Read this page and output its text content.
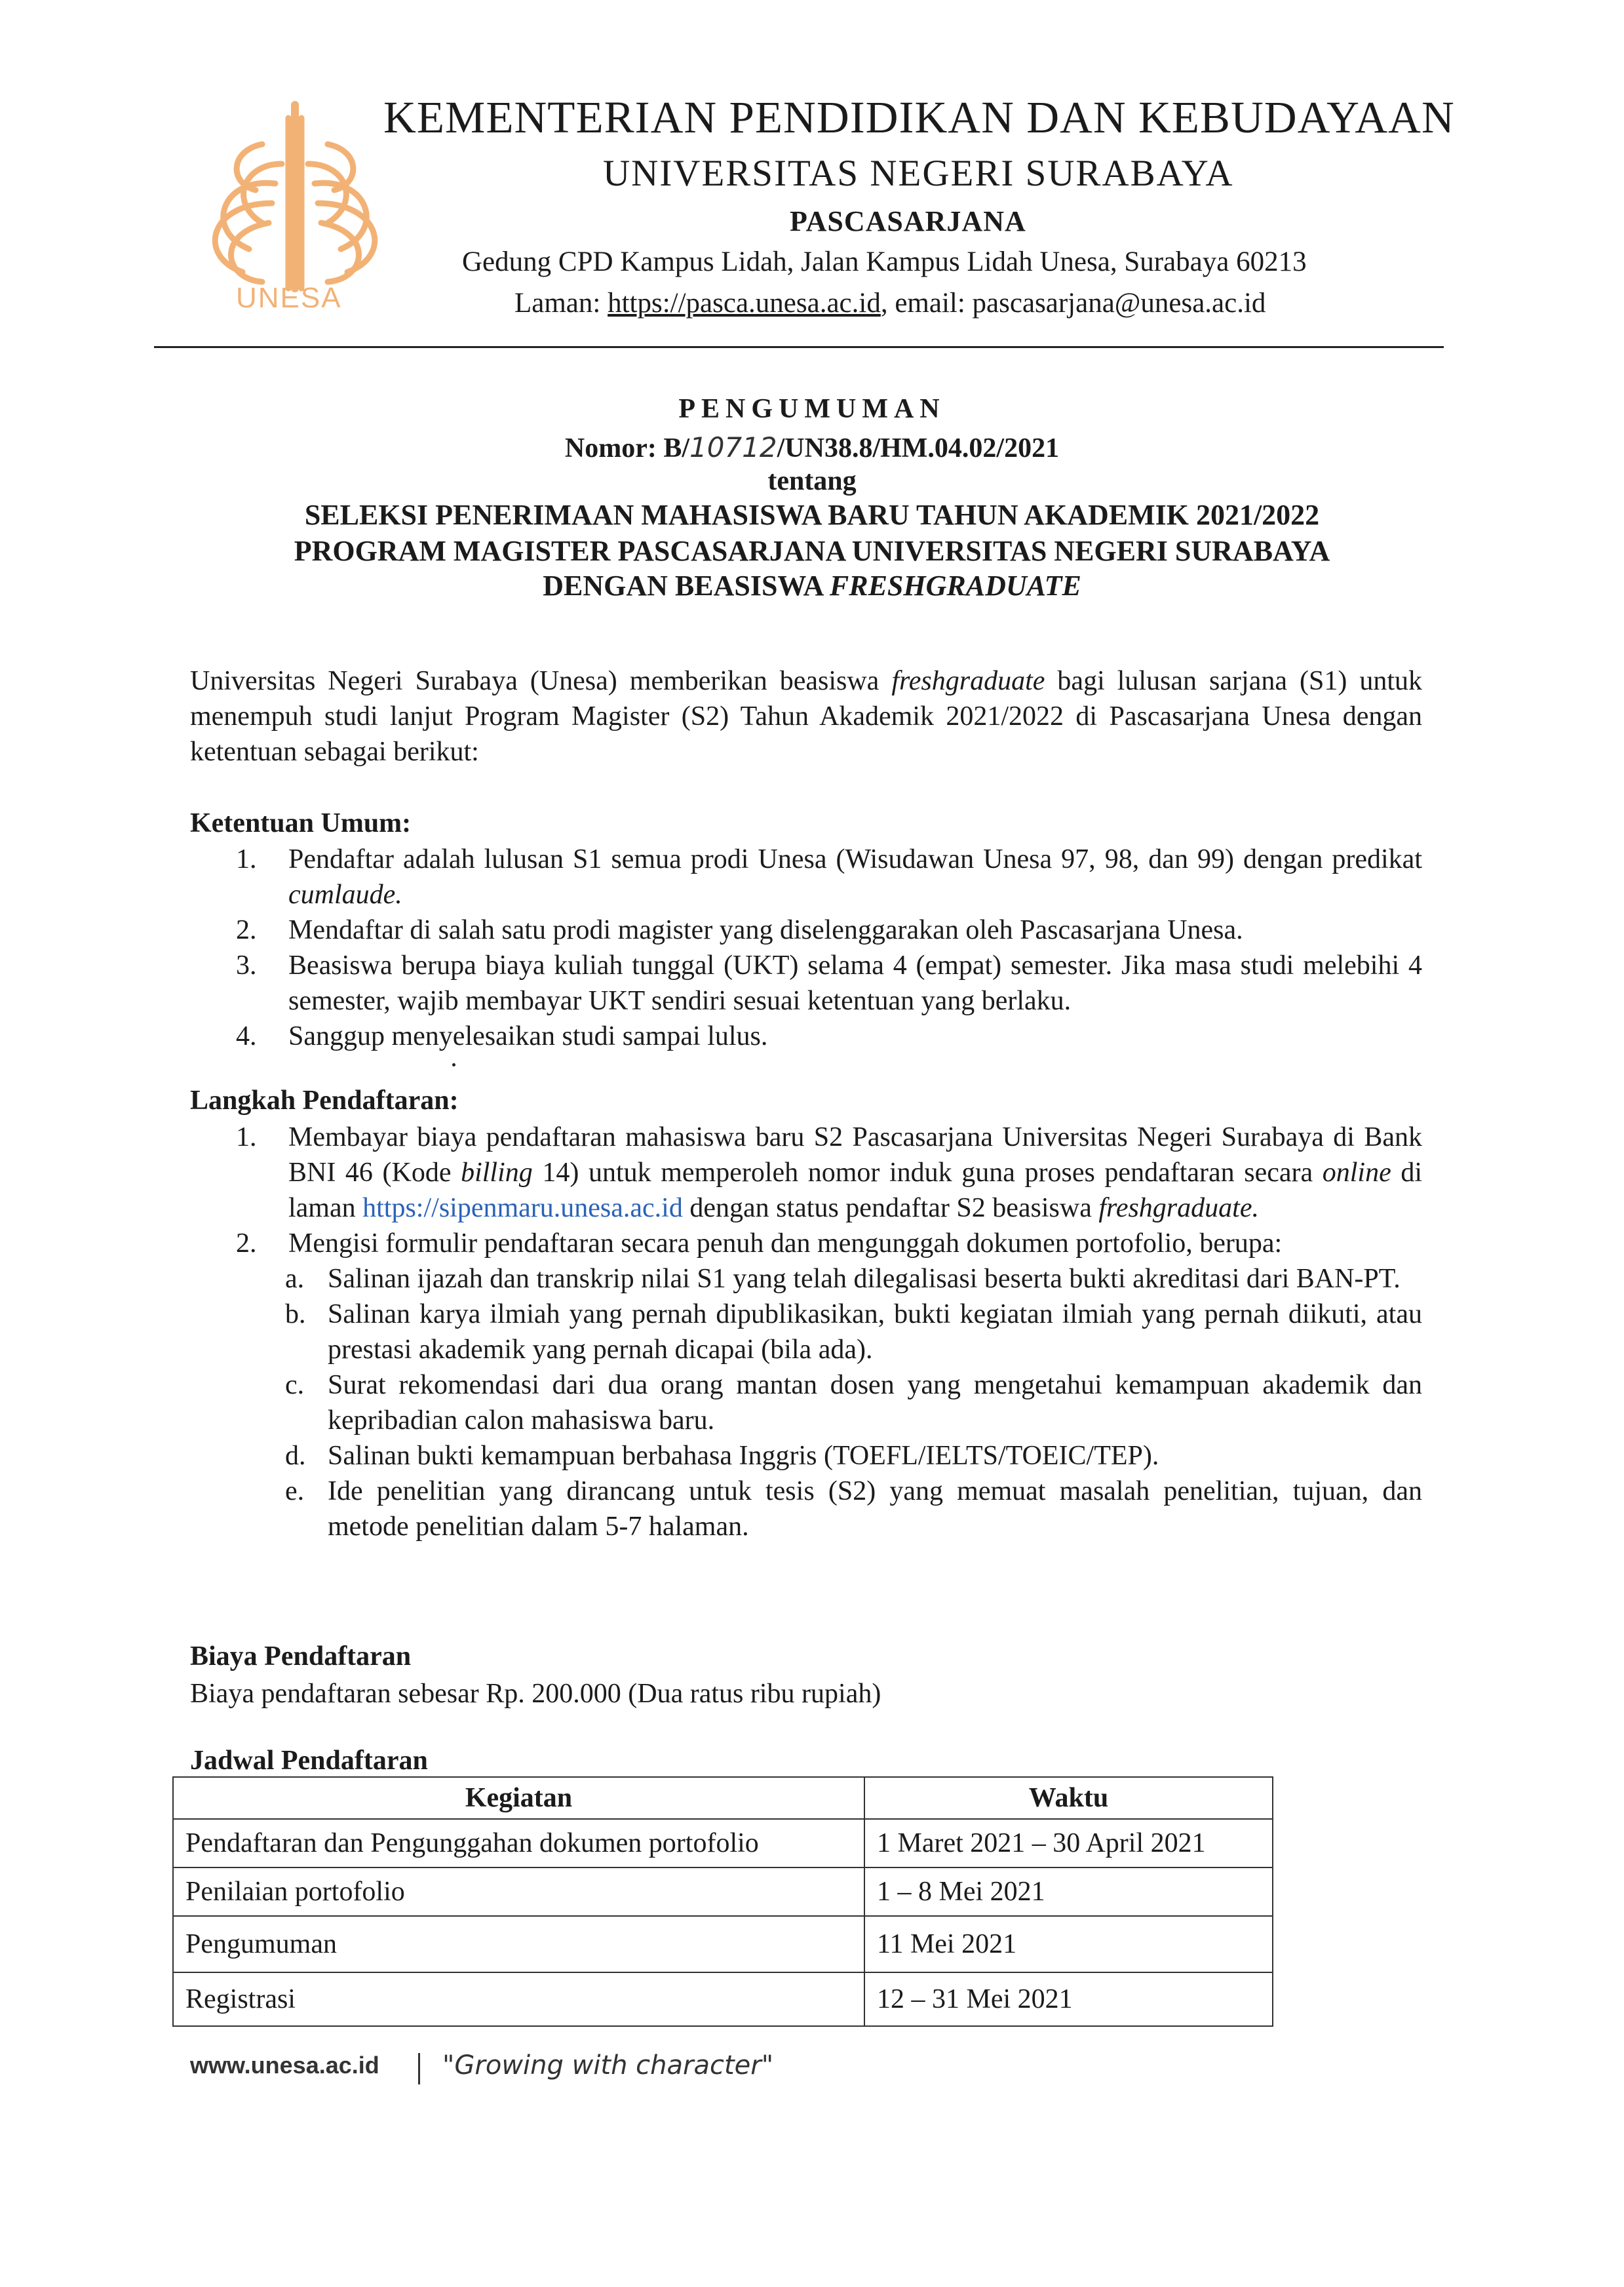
UNESA
KEMENTERIAN PENDIDIKAN DAN KEBUDAYAAN
UNIVERSITAS NEGERI SURABAYA
PASCASARJANA
Gedung CPD Kampus Lidah, Jalan Kampus Lidah Unesa, Surabaya 60213
Laman: https://pasca.unesa.ac.id, email: pascasarjana@unesa.ac.id
PENGUMUMAN
Nomor: B/10712/UN38.8/HM.04.02/2021
tentang
SELEKSI PENERIMAAN MAHASISWA BARU TAHUN AKADEMIK 2021/2022
PROGRAM MAGISTER PASCASARJANA UNIVERSITAS NEGERI SURABAYA
DENGAN BEASISWA FRESHGRADUATE
Universitas Negeri Surabaya (Unesa) memberikan beasiswa freshgraduate bagi lulusan sarjana (S1) untuk menempuh studi lanjut Program Magister (S2) Tahun Akademik 2021/2022 di Pascasarjana Unesa dengan ketentuan sebagai berikut:
Ketentuan Umum:
1. Pendaftar adalah lulusan S1 semua prodi Unesa (Wisudawan Unesa 97, 98, dan 99) dengan predikat cumlaude.
2. Mendaftar di salah satu prodi magister yang diselenggarakan oleh Pascasarjana Unesa.
3. Beasiswa berupa biaya kuliah tunggal (UKT) selama 4 (empat) semester. Jika masa studi melebihi 4 semester, wajib membayar UKT sendiri sesuai ketentuan yang berlaku.
4. Sanggup menyelesaikan studi sampai lulus.
Langkah Pendaftaran:
1. Membayar biaya pendaftaran mahasiswa baru S2 Pascasarjana Universitas Negeri Surabaya di Bank BNI 46 (Kode billing 14) untuk memperoleh nomor induk guna proses pendaftaran secara online di laman https://sipenmaru.unesa.ac.id dengan status pendaftar S2 beasiswa freshgraduate.
2. Mengisi formulir pendaftaran secara penuh dan mengunggah dokumen portofolio, berupa:
a. Salinan ijazah dan transkrip nilai S1 yang telah dilegalisasi beserta bukti akreditasi dari BAN-PT.
b. Salinan karya ilmiah yang pernah dipublikasikan, bukti kegiatan ilmiah yang pernah diikuti, atau prestasi akademik yang pernah dicapai (bila ada).
c. Surat rekomendasi dari dua orang mantan dosen yang mengetahui kemampuan akademik dan kepribadian calon mahasiswa baru.
d. Salinan bukti kemampuan berbahasa Inggris (TOEFL/IELTS/TOEIC/TEP).
e. Ide penelitian yang dirancang untuk tesis (S2) yang memuat masalah penelitian, tujuan, dan metode penelitian dalam 5-7 halaman.
Biaya Pendaftaran
Biaya pendaftaran sebesar Rp. 200.000 (Dua ratus ribu rupiah)
Jadwal Pendaftaran
Kegiatan	Waktu
Pendaftaran dan Pengunggahan dokumen portofolio	1 Maret 2021 – 30 April 2021
Penilaian portofolio	1 – 8 Mei 2021
Pengumuman	11 Mei 2021
Registrasi	12 – 31 Mei 2021
www.unesa.ac.id "Growing with character"
